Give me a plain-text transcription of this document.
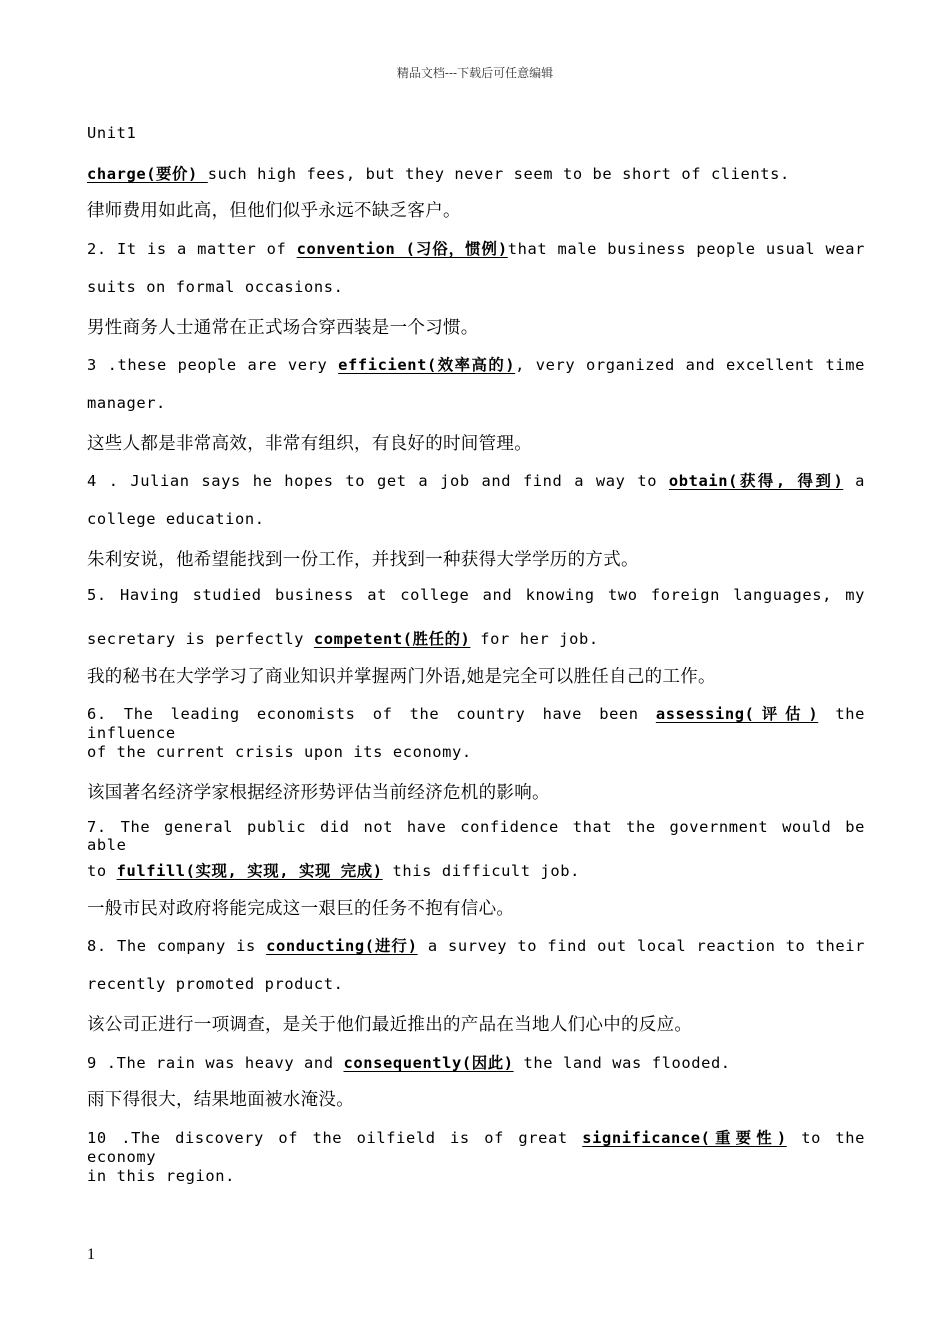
精品文档---下载后可任意编辑
Unit1
charge(要价) such high fees, but they never seem to be short of clients.
律师费用如此高，但他们似乎永远不缺乏客户。
2. It is a matter of convention (习俗，惯例)that male business people usual wear
suits on formal occasions.
男性商务人士通常在正式场合穿西装是一个习惯。
3 .these people are very efficient(效率高的), very organized and excellent time
manager.
这些人都是非常高效，非常有组织，有良好的时间管理。
4 . Julian says he hopes to get a job and find a way to obtain(获得, 得到) a
college education.
朱利安说，他希望能找到一份工作，并找到一种获得大学学历的方式。
5. Having studied business at college and knowing two foreign languages, my
secretary is perfectly competent(胜任的) for her job.
我的秘书在大学学习了商业知识并掌握两门外语,她是完全可以胜任自己的工作。
6. The leading economists of the country have been assessing(评估) the influence
of the current crisis upon its economy.
该国著名经济学家根据经济形势评估当前经济危机的影响。
7. The general public did not have confidence that the government would be able
to fulfill(实现, 实现, 实现 完成) this difficult job.
一般市民对政府将能完成这一艰巨的任务不抱有信心。
8. The company is conducting(进行) a survey to find out local reaction to their
recently promoted product.
该公司正进行一项调查，是关于他们最近推出的产品在当地人们心中的反应。
9 .The rain was heavy and consequently(因此) the land was flooded.
雨下得很大，结果地面被水淹没。
10 .The discovery of the oilfield is of great significance(重要性) to the economy
in this region.
1
